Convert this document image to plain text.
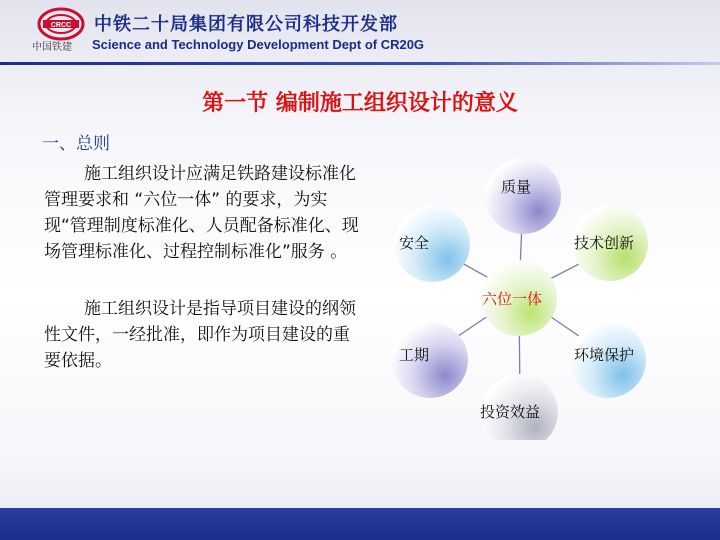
CRCC
中国铁建
中铁二十局集团有限公司科技开发部
Science and Technology Development Dept of CR20G
第一节 编制施工组织设计的意义
一、总则
施工组织设计应满足铁路建设标准化管理要求和 “六位一体” 的要求，为实现“管理制度标准化、人员配备标准化、现场管理标准化、过程控制标准化”服务 。
施工组织设计是指导项目建设的纲领性文件，一经批准，即作为项目建设的重要依据。
质量
技术创新
环境保护
投资效益
工期
安全
六位一体
